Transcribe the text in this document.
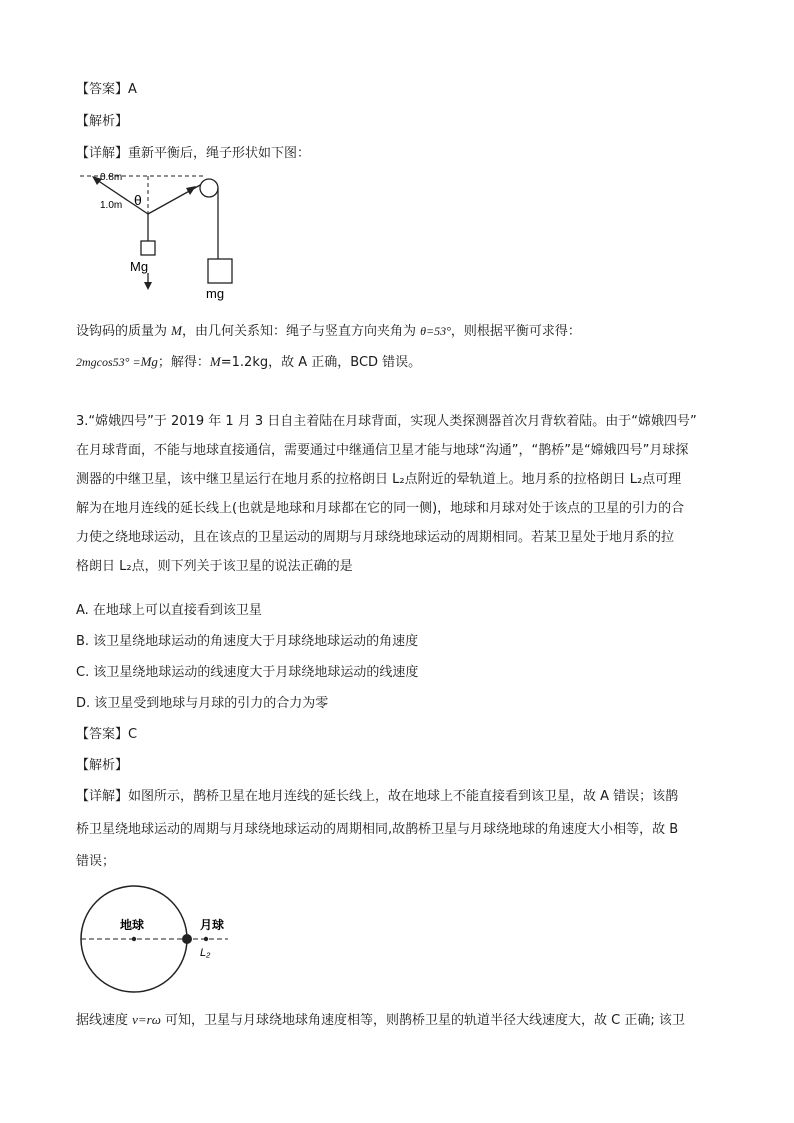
【答案】A
【解析】
【详解】重新平衡后，绳子形状如下图：
0.8m
1.0m θ
Mg
mg
设钩码的质量为 M，由几何关系知：绳子与竖直方向夹角为 θ=53°，则根据平衡可求得：
2mgcos53° =Mg；解得：M=1.2kg，故 A 正确，BCD 错误。
3.“嫦娥四号”于 2019 年 1 月 3 日自主着陆在月球背面，实现人类探测器首次月背软着陆。由于“嫦娥四号”
在月球背面，不能与地球直接通信，需要通过中继通信卫星才能与地球“沟通”，“鹊桥”是“嫦娥四号”月球探
测器的中继卫星，该中继卫星运行在地月系的拉格朗日 L₂点附近的晕轨道上。地月系的拉格朗日 L₂点可理
解为在地月连线的延长线上(也就是地球和月球都在它的同一侧)，地球和月球对处于该点的卫星的引力的合
力使之绕地球运动，且在该点的卫星运动的周期与月球绕地球运动的周期相同。若某卫星处于地月系的拉
格朗日 L₂点，则下列关于该卫星的说法正确的是
A. 在地球上可以直接看到该卫星
B. 该卫星绕地球运动的角速度大于月球绕地球运动的角速度
C. 该卫星绕地球运动的线速度大于月球绕地球运动的线速度
D. 该卫星受到地球与月球的引力的合力为零
【答案】C
【解析】
【详解】如图所示，鹊桥卫星在地月连线的延长线上，故在地球上不能直接看到该卫星，故 A 错误；该鹊
桥卫星绕地球运动的周期与月球绕地球运动的周期相同,故鹊桥卫星与月球绕地球的角速度大小相等，故 B
错误；
地球	月球
L₂
据线速度 v=rω 可知，卫星与月球绕地球角速度相等，则鹊桥卫星的轨道半径大线速度大，故 C 正确; 该卫
